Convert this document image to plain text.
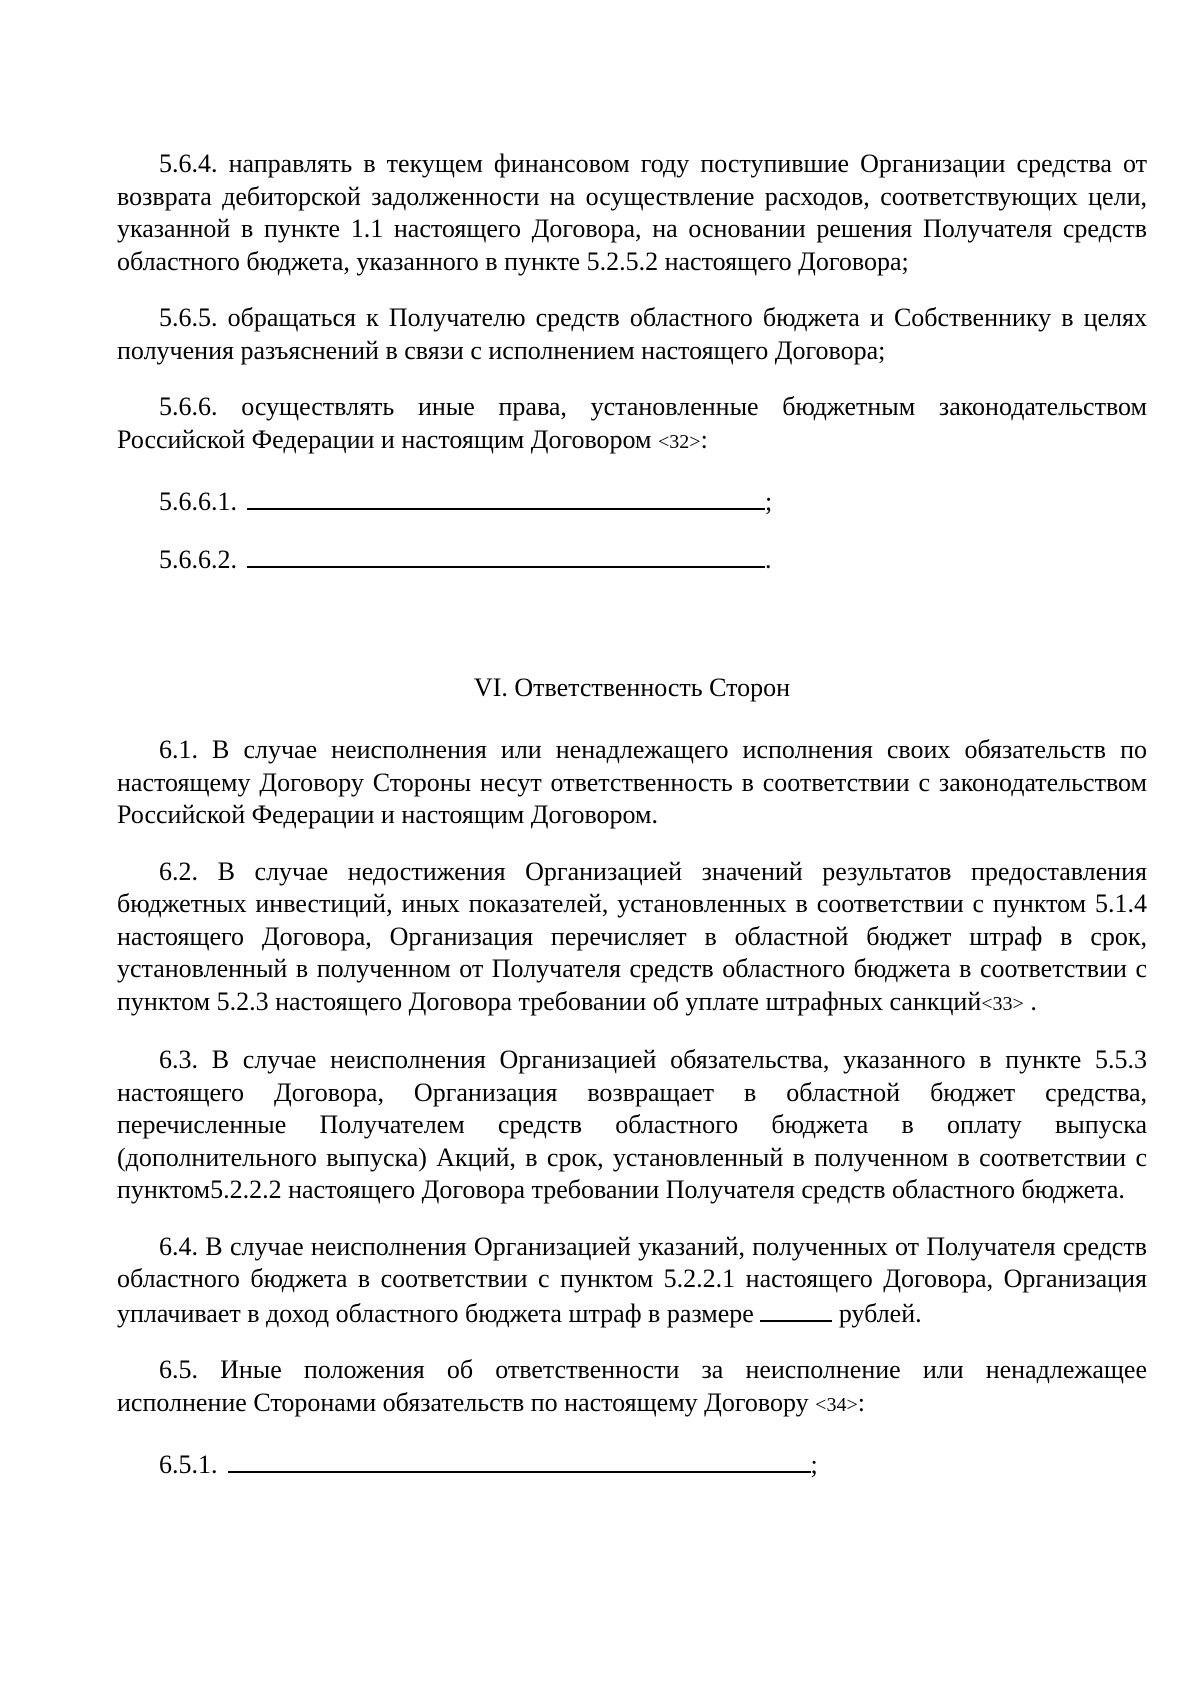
5.6.4. направлять в текущем финансовом году поступившие Организации средства от возврата дебиторской задолженности на осуществление расходов, соответствующих цели, указанной в пункте 1.1 настоящего Договора, на основании решения Получателя средств областного бюджета, указанного в пункте 5.2.5.2 настоящего Договора;

5.6.5. обращаться к Получателю средств областного бюджета и Собственнику в целях получения разъяснений в связи с исполнением настоящего Договора;

5.6.6. осуществлять иные права, установленные бюджетным законодательством Российской Федерации и настоящим Договором <32>:

5.6.6.1.	;
5.6.6.2.	.
VI. Ответственность Сторон

6.1. В случае неисполнения или ненадлежащего исполнения своих обязательств по настоящему Договору Стороны несут ответственность в соответствии с законодательством Российской Федерации и настоящим Договором.

6.2. В случае недостижения Организацией значений результатов предоставления бюджетных инвестиций, иных показателей, установленных в соответствии с пунктом 5.1.4 настоящего Договора, Организация перечисляет в областной бюджет штраф в срок, установленный в полученном от Получателя средств областного бюджета в соответствии с пунктом 5.2.3 настоящего Договора требовании об уплате штрафных санкций<33> .

6.3. В случае неисполнения Организацией обязательства, указанного в пункте 5.5.3 настоящего Договора, Организация возвращает в областной бюджет средства, перечисленные Получателем средств областного бюджета в оплату выпуска (дополнительного выпуска) Акций, в срок, установленный в полученном в соответствии с пунктом5.2.2.2 настоящего Договора требовании Получателя средств областного бюджета.

6.4. В случае неисполнения Организацией указаний, полученных от Получателя средств областного бюджета в соответствии с пунктом 5.2.2.1 настоящего Договора, Организация уплачивает в доход областного бюджета штраф в размере	рублей.

6.5. Иные положения об ответственности за неисполнение или ненадлежащее исполнение Сторонами обязательств по настоящему Договору <34>:

6.5.1.	;
